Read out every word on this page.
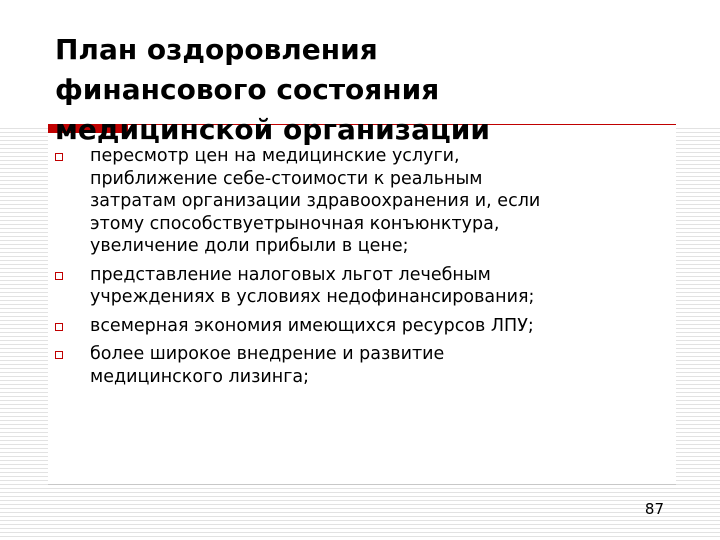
План оздоровления
финансового состояния
медицинской организации
пересмотр цен на медицинские услуги,
приближение себе-стоимости к реальным
затратам организации здравоохранения и, если
этому способствуетрыночная конъюнктура,
увеличение доли прибыли в цене;
представление налоговых льгот лечебным
учреждениях в условиях недофинансирования;
всемерная экономия имеющихся ресурсов ЛПУ;
более широкое внедрение и развитие
медицинского лизинга;
87
